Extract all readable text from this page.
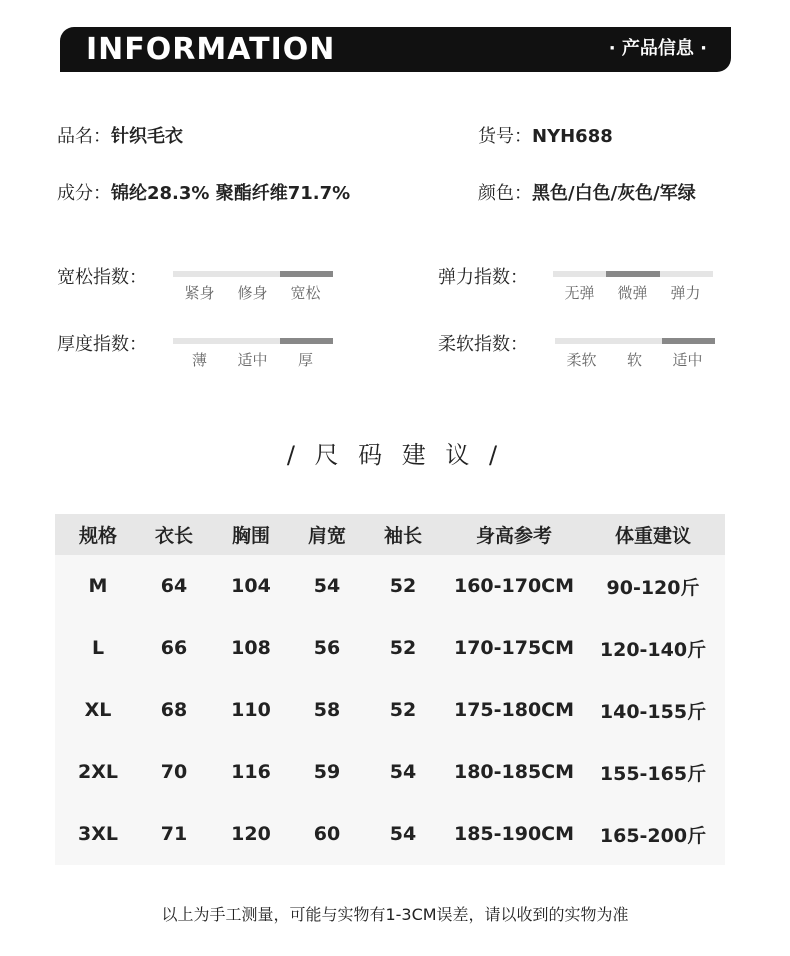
INFORMATION	· 产品信息 ·
品名：针织毛衣	货号：NYH688
成分：锦纶28.3% 聚酯纤维71.7%	颜色：黑色/白色/灰色/军绿
宽松指数：
紧身	修身	宽松
弹力指数：
无弹	微弹	弹力
厚度指数：
薄	适中	厚
柔软指数：
柔软	软	适中
/ 尺 码 建 议 /
规格	衣长	胸围	肩宽	袖长	身高参考	体重建议
M	64	104	54	52	160-170CM	90-120斤
L	66	108	56	52	170-175CM	120-140斤
XL	68	110	58	52	175-180CM	140-155斤
2XL	70	116	59	54	180-185CM	155-165斤
3XL	71	120	60	54	185-190CM	165-200斤
以上为手工测量，可能与实物有1-3CM误差，请以收到的实物为准
